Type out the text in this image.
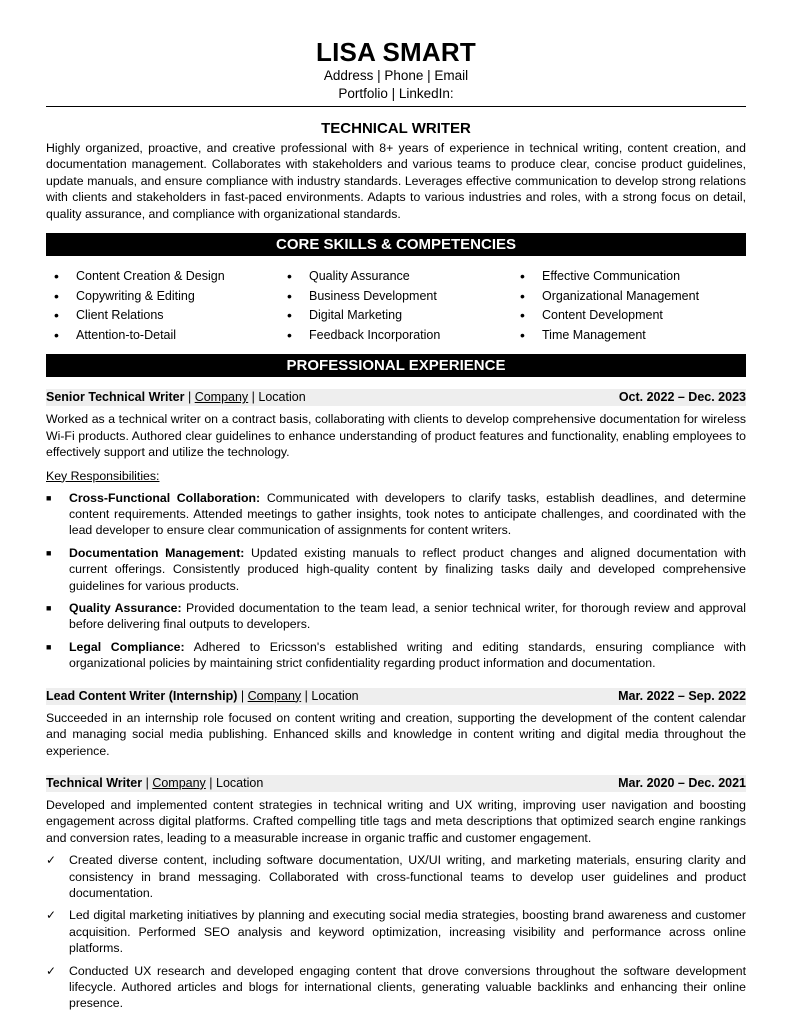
LISA SMART
Address | Phone | Email
Portfolio | LinkedIn:
TECHNICAL WRITER
Highly organized, proactive, and creative professional with 8+ years of experience in technical writing, content creation, and documentation management. Collaborates with stakeholders and various teams to produce clear, concise product guidelines, update manuals, and ensure compliance with industry standards. Leverages effective communication to develop strong relations with clients and stakeholders in fast-paced environments. Adapts to various industries and roles, with a strong focus on detail, quality assurance, and compliance with organizational standards.
CORE SKILLS & COMPETENCIES
• Content Creation & Design
• Copywriting & Editing
• Client Relations
• Attention-to-Detail
• Quality Assurance
• Business Development
• Digital Marketing
• Feedback Incorporation
• Effective Communication
• Organizational Management
• Content Development
• Time Management
PROFESSIONAL EXPERIENCE
Senior Technical Writer | Company | Location	Oct. 2022 – Dec. 2023
Worked as a technical writer on a contract basis, collaborating with clients to develop comprehensive documentation for wireless Wi-Fi products. Authored clear guidelines to enhance understanding of product features and functionality, enabling employees to effectively support and utilize the technology.
Key Responsibilities:
■ Cross-Functional Collaboration: Communicated with developers to clarify tasks, establish deadlines, and determine content requirements. Attended meetings to gather insights, took notes to anticipate challenges, and coordinated with the lead developer to ensure clear communication of assignments for content writers.
■ Documentation Management: Updated existing manuals to reflect product changes and aligned documentation with current offerings. Consistently produced high-quality content by finalizing tasks daily and developed comprehensive guidelines for various products.
■ Quality Assurance: Provided documentation to the team lead, a senior technical writer, for thorough review and approval before delivering final outputs to developers.
■ Legal Compliance: Adhered to Ericsson's established writing and editing standards, ensuring compliance with organizational policies by maintaining strict confidentiality regarding product information and documentation.
Lead Content Writer (Internship) | Company | Location	Mar. 2022 – Sep. 2022
Succeeded in an internship role focused on content writing and creation, supporting the development of the content calendar and managing social media publishing. Enhanced skills and knowledge in content writing and digital media throughout the experience.
Technical Writer | Company | Location	Mar. 2020 – Dec. 2021
Developed and implemented content strategies in technical writing and UX writing, improving user navigation and boosting engagement across digital platforms. Crafted compelling title tags and meta descriptions that optimized search engine rankings and conversion rates, leading to a measurable increase in organic traffic and customer engagement.
✓ Created diverse content, including software documentation, UX/UI writing, and marketing materials, ensuring clarity and consistency in brand messaging. Collaborated with cross-functional teams to develop user guidelines and product documentation.
✓ Led digital marketing initiatives by planning and executing social media strategies, boosting brand awareness and customer acquisition. Performed SEO analysis and keyword optimization, increasing visibility and performance across online platforms.
✓ Conducted UX research and developed engaging content that drove conversions throughout the software development lifecycle. Authored articles and blogs for international clients, generating valuable backlinks and enhancing their online presence.
